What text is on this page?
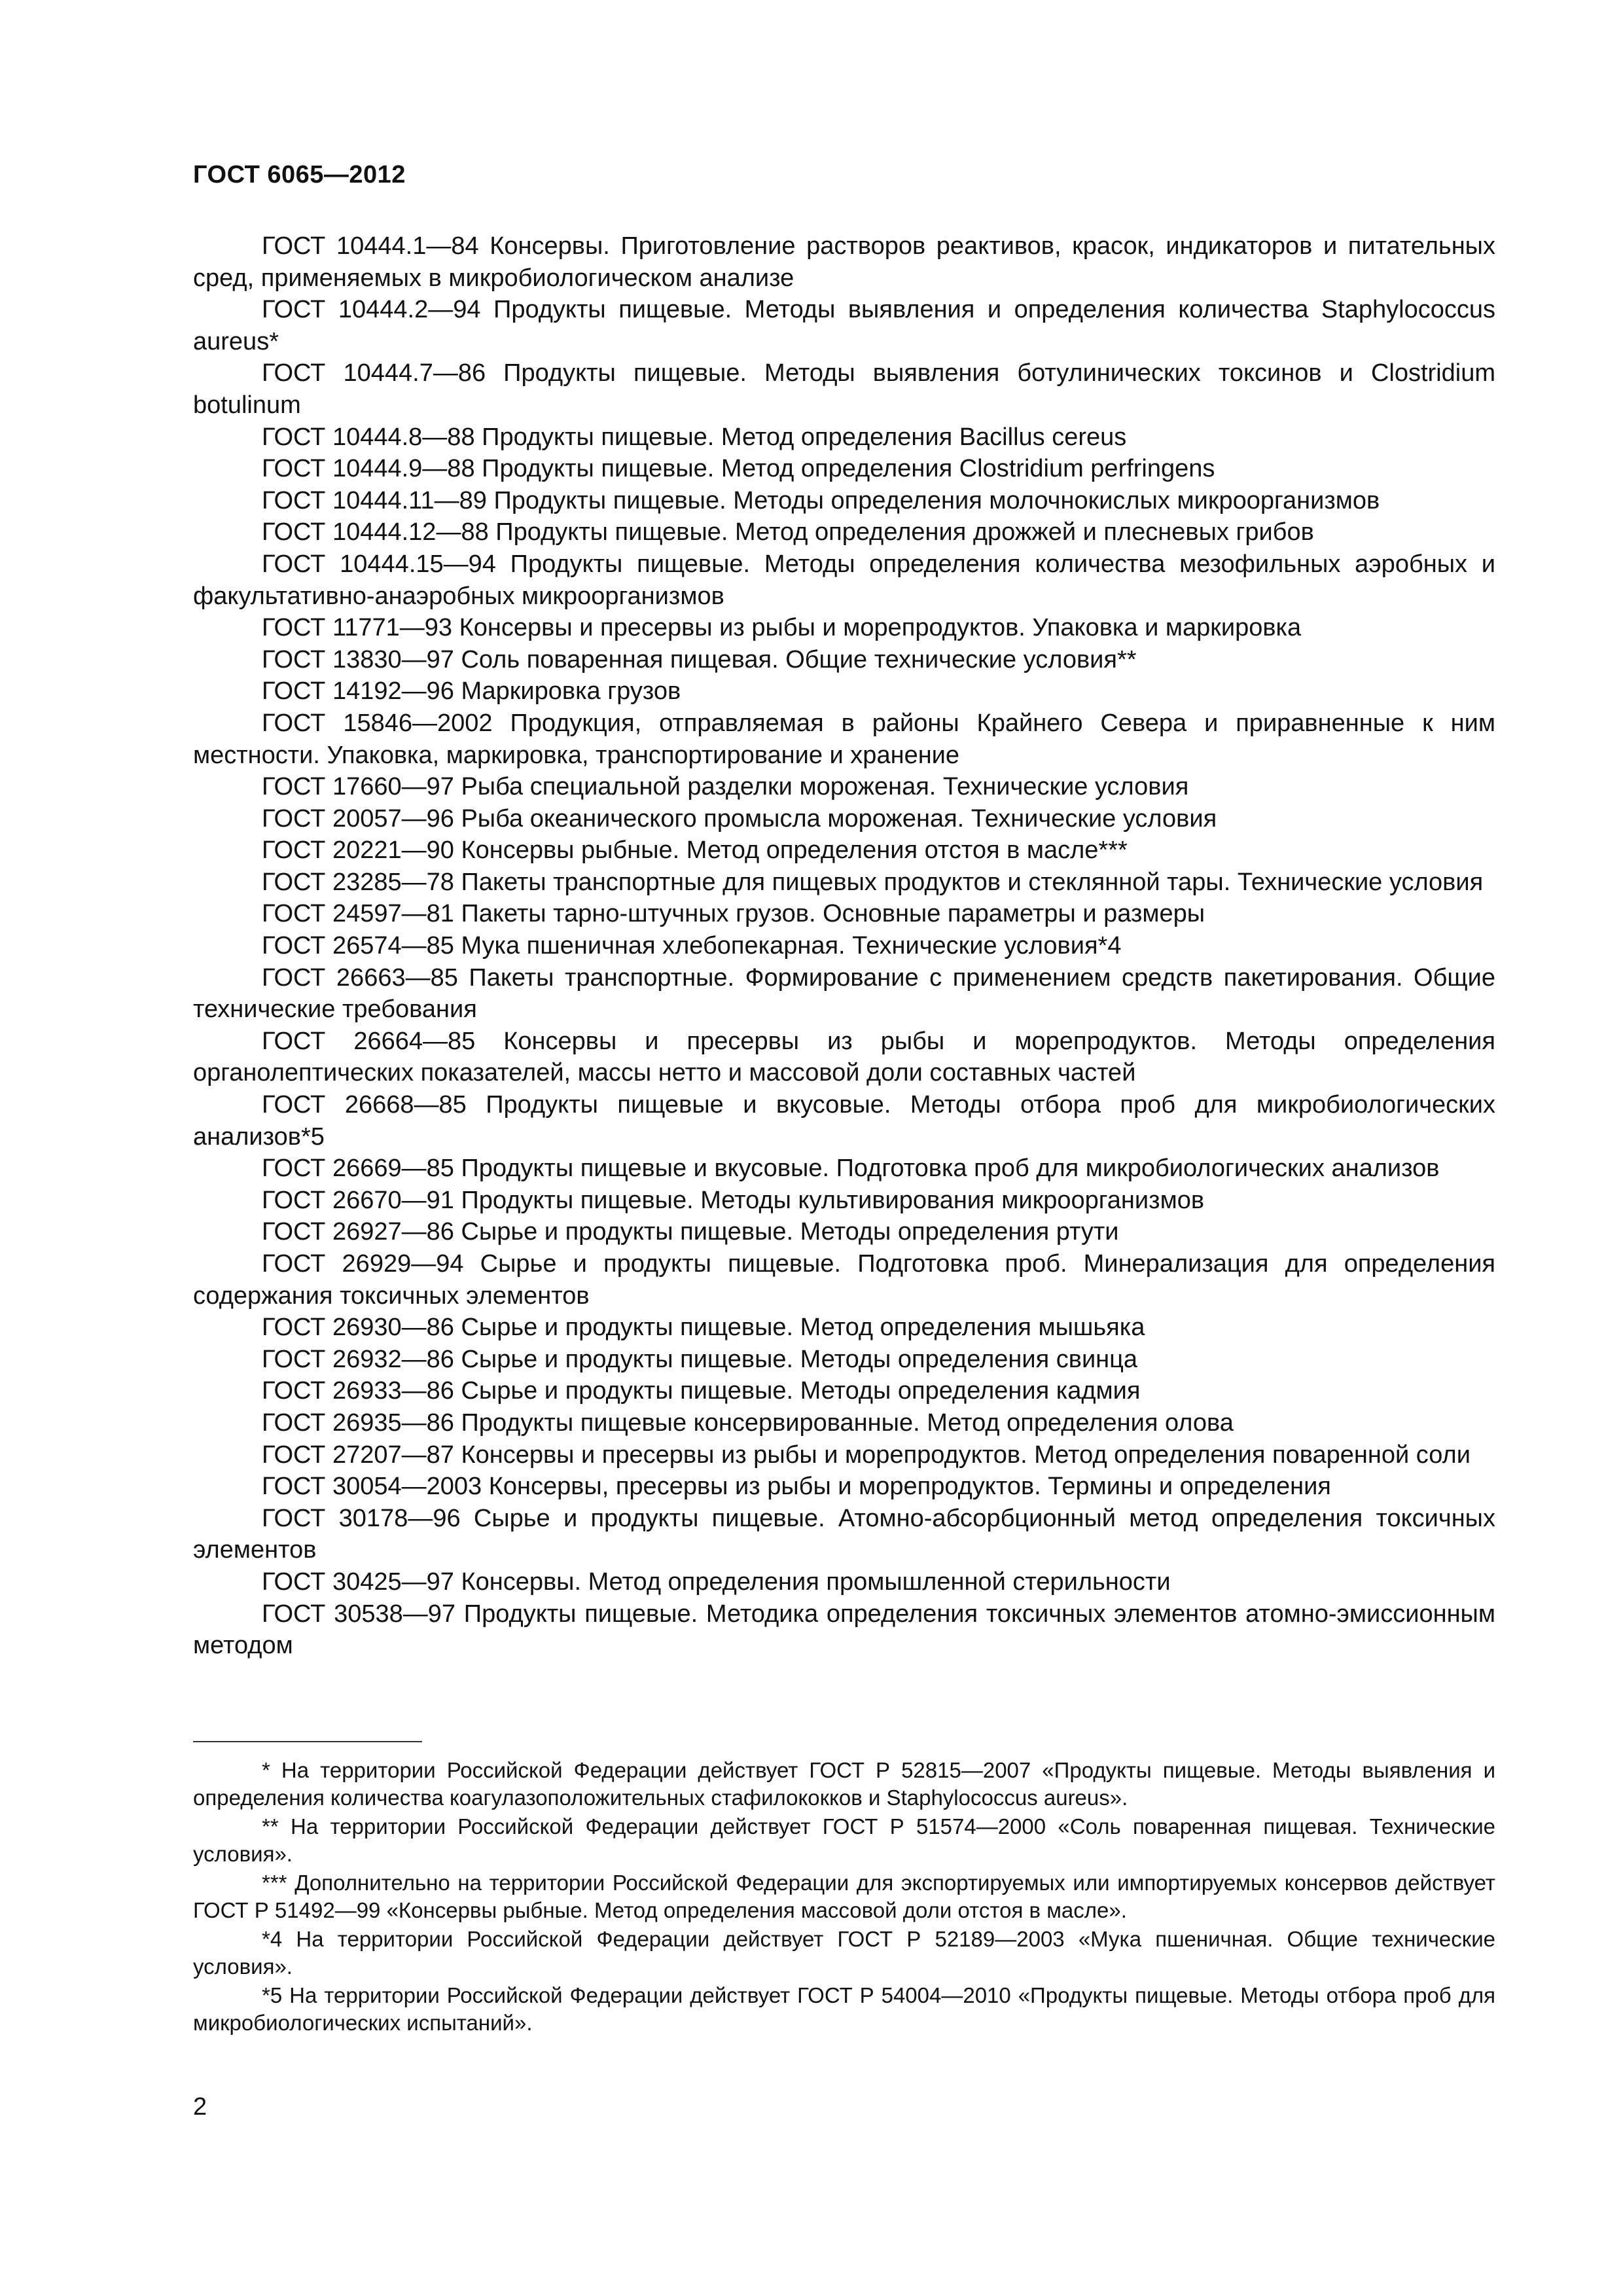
ГОСТ 6065—2012

ГОСТ 10444.1—84 Консервы. Приготовление растворов реактивов, красок, индикаторов и питательных сред, применяемых в микробиологическом анализе

ГОСТ 10444.2—94 Продукты пищевые. Методы выявления и определения количества Staphylococcus aureus*

ГОСТ 10444.7—86 Продукты пищевые. Методы выявления ботулинических токсинов и Clostridium botulinum

ГОСТ 10444.8—88 Продукты пищевые. Метод определения Bacillus cereus

ГОСТ 10444.9—88 Продукты пищевые. Метод определения Clostridium perfringens

ГОСТ 10444.11—89 Продукты пищевые. Методы определения молочнокислых микроорганизмов

ГОСТ 10444.12—88 Продукты пищевые. Метод определения дрожжей и плесневых грибов

ГОСТ 10444.15—94 Продукты пищевые. Методы определения количества мезофильных аэробных и факультативно-анаэробных микроорганизмов

ГОСТ 11771—93 Консервы и пресервы из рыбы и морепродуктов. Упаковка и маркировка

ГОСТ 13830—97 Соль поваренная пищевая. Общие технические условия**

ГОСТ 14192—96 Маркировка грузов

ГОСТ 15846—2002 Продукция, отправляемая в районы Крайнего Севера и приравненные к ним местности. Упаковка, маркировка, транспортирование и хранение

ГОСТ 17660—97 Рыба специальной разделки мороженая. Технические условия

ГОСТ 20057—96 Рыба океанического промысла мороженая. Технические условия

ГОСТ 20221—90 Консервы рыбные. Метод определения отстоя в масле***

ГОСТ 23285—78 Пакеты транспортные для пищевых продуктов и стеклянной тары. Технические условия

ГОСТ 24597—81 Пакеты тарно-штучных грузов. Основные параметры и размеры

ГОСТ 26574—85 Мука пшеничная хлебопекарная. Технические условия*4

ГОСТ 26663—85 Пакеты транспортные. Формирование с применением средств пакетирования. Общие технические требования

ГОСТ 26664—85 Консервы и пресервы из рыбы и морепродуктов. Методы определения органолептических показателей, массы нетто и массовой доли составных частей

ГОСТ 26668—85 Продукты пищевые и вкусовые. Методы отбора проб для микробиологических анализов*5

ГОСТ 26669—85 Продукты пищевые и вкусовые. Подготовка проб для микробиологических анализов

ГОСТ 26670—91 Продукты пищевые. Методы культивирования микроорганизмов

ГОСТ 26927—86 Сырье и продукты пищевые. Методы определения ртути

ГОСТ 26929—94 Сырье и продукты пищевые. Подготовка проб. Минерализация для определения содержания токсичных элементов

ГОСТ 26930—86 Сырье и продукты пищевые. Метод определения мышьяка

ГОСТ 26932—86 Сырье и продукты пищевые. Методы определения свинца

ГОСТ 26933—86 Сырье и продукты пищевые. Методы определения кадмия

ГОСТ 26935—86 Продукты пищевые консервированные. Метод определения олова

ГОСТ 27207—87 Консервы и пресервы из рыбы и морепродуктов. Метод определения поваренной соли

ГОСТ 30054—2003 Консервы, пресервы из рыбы и морепродуктов. Термины и определения

ГОСТ 30178—96 Сырье и продукты пищевые. Атомно-абсорбционный метод определения токсичных элементов

ГОСТ 30425—97 Консервы. Метод определения промышленной стерильности

ГОСТ 30538—97 Продукты пищевые. Методика определения токсичных элементов атомно-эмиссионным методом

* На территории Российской Федерации действует ГОСТ Р 52815—2007 «Продукты пищевые. Методы выявления и определения количества коагулазоположительных стафилококков и Staphylococcus aureus».

** На территории Российской Федерации действует ГОСТ Р 51574—2000 «Соль поваренная пищевая. Технические условия».

*** Дополнительно на территории Российской Федерации для экспортируемых или импортируемых консервов действует ГОСТ Р 51492—99 «Консервы рыбные. Метод определения массовой доли отстоя в масле».

*4 На территории Российской Федерации действует ГОСТ Р 52189—2003 «Мука пшеничная. Общие технические условия».

*5 На территории Российской Федерации действует ГОСТ Р 54004—2010 «Продукты пищевые. Методы отбора проб для микробиологических испытаний».

2
